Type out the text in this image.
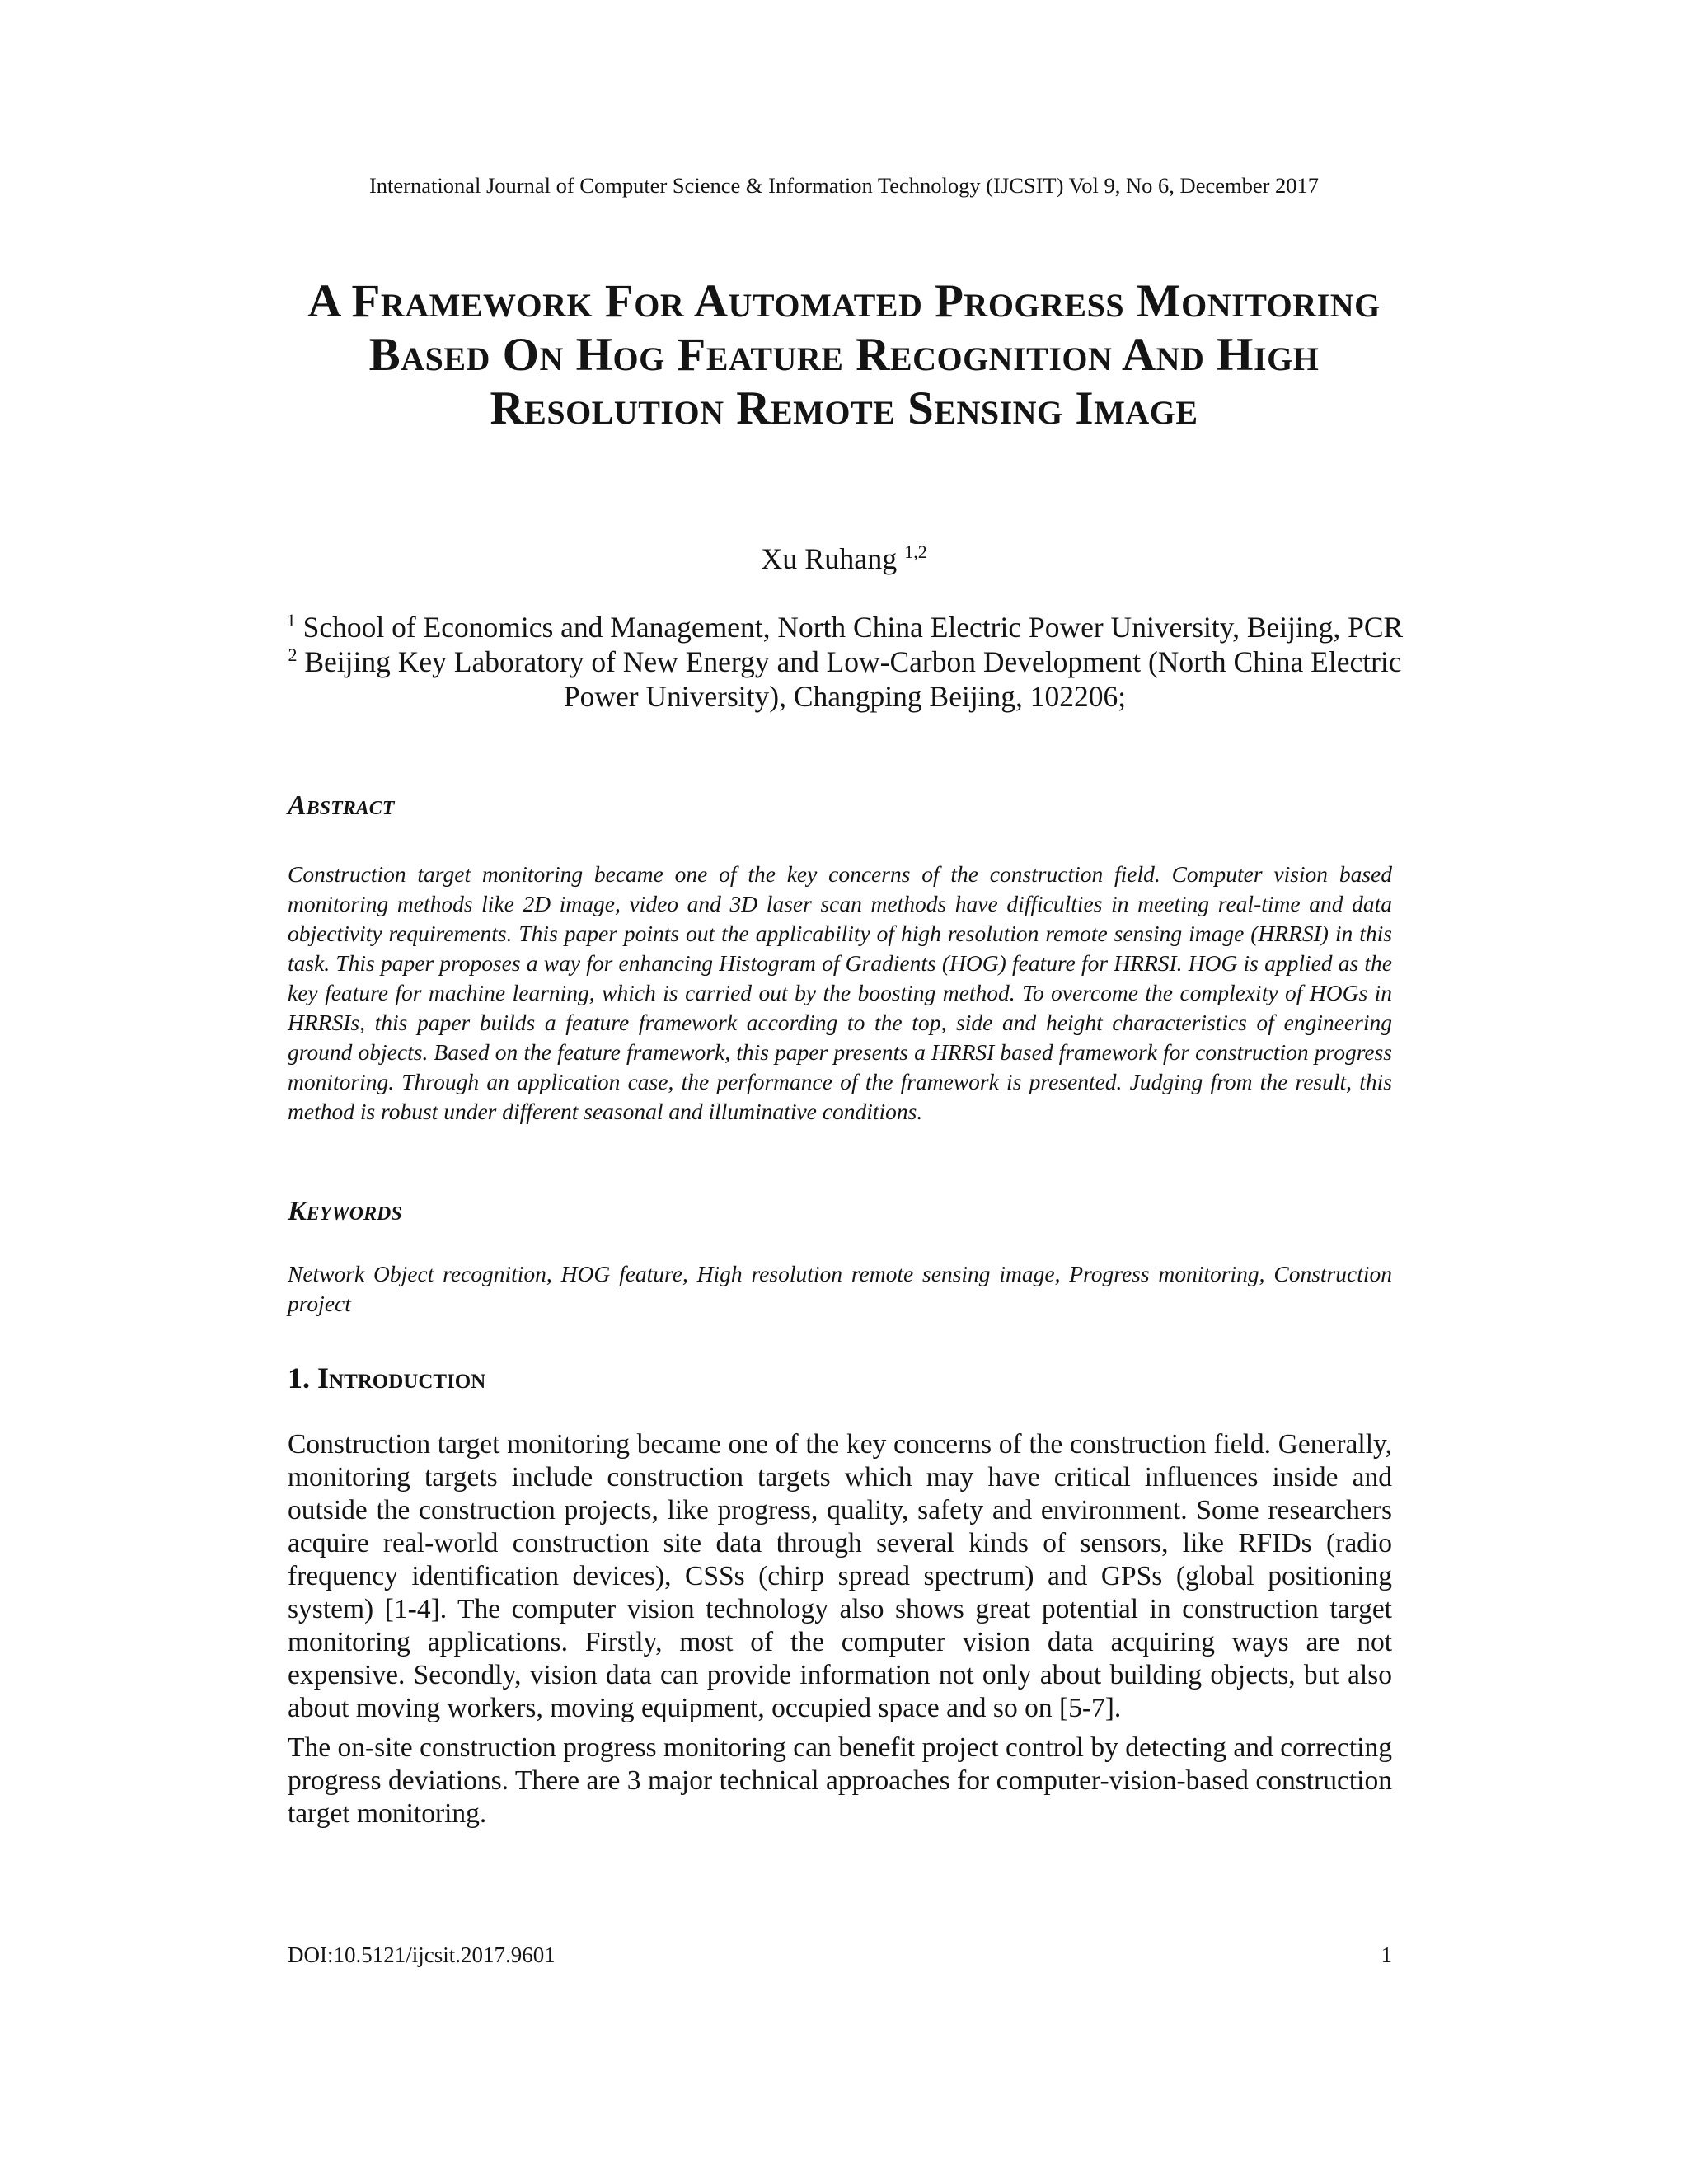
International Journal of Computer Science & Information Technology (IJCSIT) Vol 9, No 6, December 2017
A Framework For Automated Progress Monitoring Based On Hog Feature Recognition And High Resolution Remote Sensing Image
Xu Ruhang $^{1,2}$

$^1$ School of Economics and Management, North China Electric Power University, Beijing, PCR

$^2$ Beijing Key Laboratory of New Energy and Low-Carbon Development (North China Electric Power University), Changping Beijing, 102206;

Abstract
Construction target monitoring became one of the key concerns of the construction field. Computer vision based monitoring methods like 2D image, video and 3D laser scan methods have difficulties in meeting real-time and data objectivity requirements. This paper points out the applicability of high resolution remote sensing image (HRRSI) in this task. This paper proposes a way for enhancing Histogram of Gradients (HOG) feature for HRRSI. HOG is applied as the key feature for machine learning, which is carried out by the boosting method. To overcome the complexity of HOGs in HRRSIs, this paper builds a feature framework according to the top, side and height characteristics of engineering ground objects. Based on the feature framework, this paper presents a HRRSI based framework for construction progress monitoring. Through an application case, the performance of the framework is presented. Judging from the result, this method is robust under different seasonal and illuminative conditions.
Keywords
Network Object recognition, HOG feature, High resolution remote sensing image, Progress monitoring, Construction project
1. Introduction

Construction target monitoring became one of the key concerns of the construction field. Generally, monitoring targets include construction targets which may have critical influences inside and outside the construction projects, like progress, quality, safety and environment. Some researchers acquire real-world construction site data through several kinds of sensors, like RFIDs (radio frequency identification devices), CSSs (chirp spread spectrum) and GPSs (global positioning system) [1-4]. The computer vision technology also shows great potential in construction target monitoring applications. Firstly, most of the computer vision data acquiring ways are not expensive. Secondly, vision data can provide information not only about building objects, but also about moving workers, moving equipment, occupied space and so on [5-7].

The on-site construction progress monitoring can benefit project control by detecting and correcting progress deviations. There are 3 major technical approaches for computer-vision-based construction target monitoring.

DOI:10.5121/ijcsit.2017.9601	1
